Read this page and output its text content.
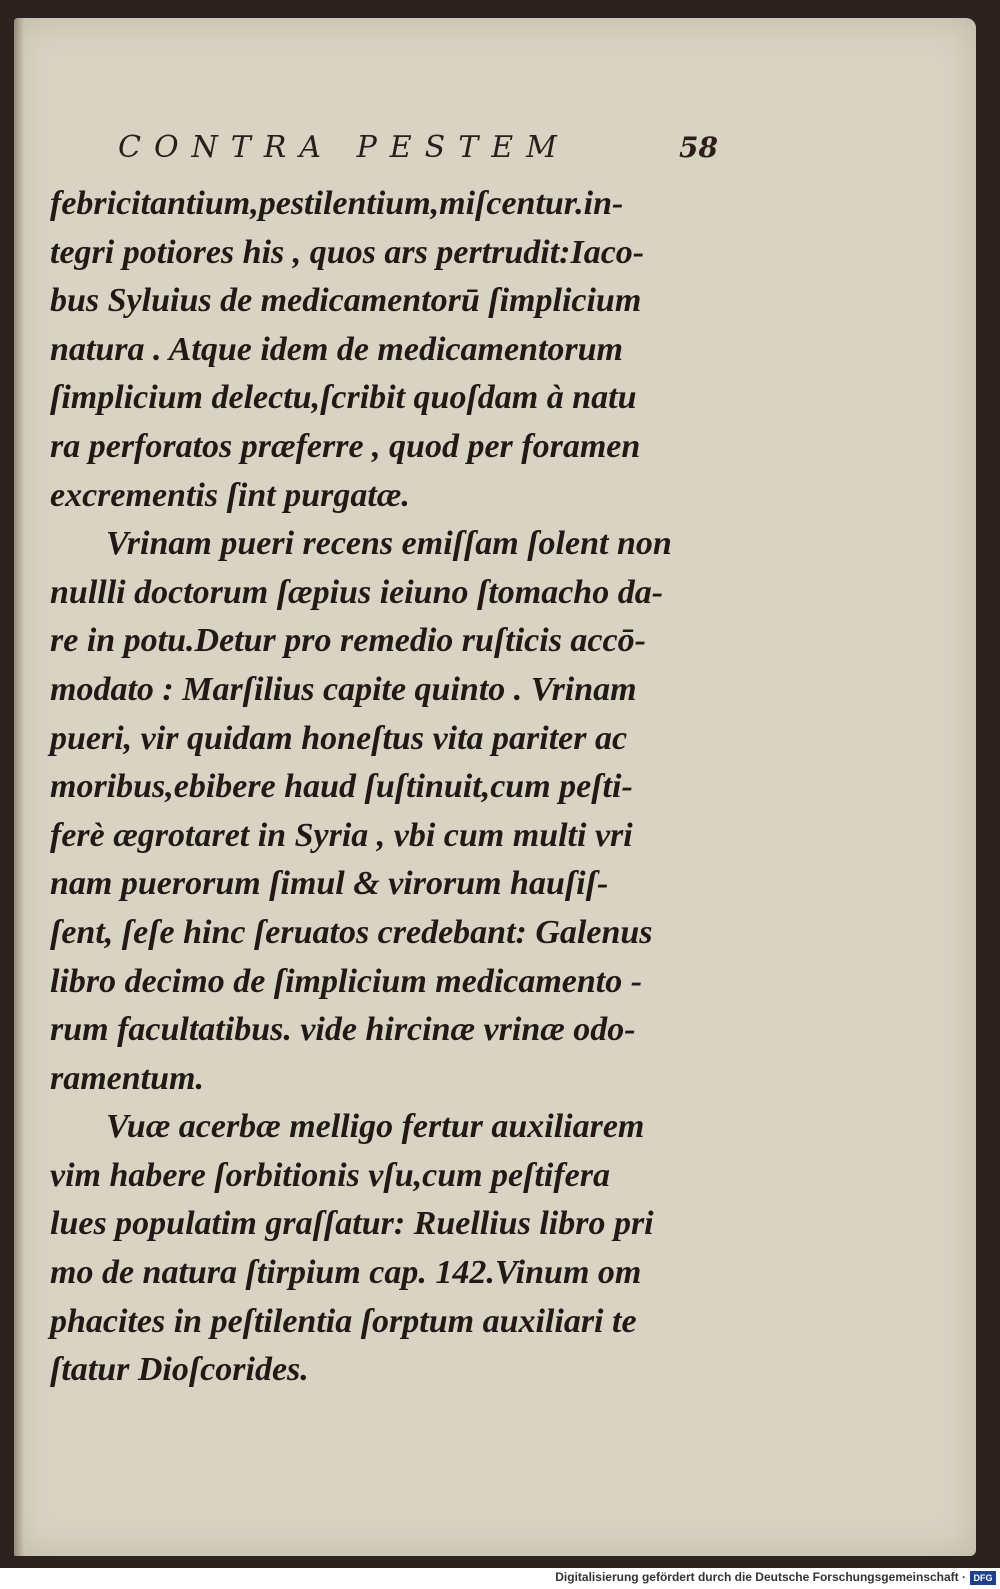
CONTRA PESTEM	58
febricitantium,pestilentium,miſcentur.in-
tegri potiores his , quos ars pertrudit:Iaco-
bus Syluius de medicamentorū ſimplicium
natura . Atque idem de medicamentorum
ſimplicium delectu,ſcribit quoſdam à natu
ra perforatos præferre , quod per foramen
excrementis ſint purgatæ.
Vrinam pueri recens emiſſam ſolent non
nullli doctorum ſæpius ieiuno ſtomacho da-
re in potu.Detur pro remedio ruſticis accō-
modato : Marſilius capite quinto . Vrinam
pueri, vir quidam honeſtus vita pariter ac
moribus,ebibere haud ſuſtinuit,cum peſti-
ferè ægrotaret in Syria , vbi cum multi vri
nam puerorum ſimul & virorum hauſiſ-
ſent, ſeſe hinc ſeruatos credebant: Galenus
libro decimo de ſimplicium medicamento -
rum facultatibus. vide hircinæ vrinæ odo-
ramentum.
Vuæ acerbæ melligo fertur auxiliarem
vim habere ſorbitionis vſu,cum peſtifera
lues populatim graſſatur: Ruellius libro pri
mo de natura ſtirpium cap. 142.Vinum om
phacites in peſtilentia ſorptum auxiliari te
ſtatur Dioſcorides.
Digitalisierung gefördert durch die Deutsche Forschungsgemeinschaft · DFG
